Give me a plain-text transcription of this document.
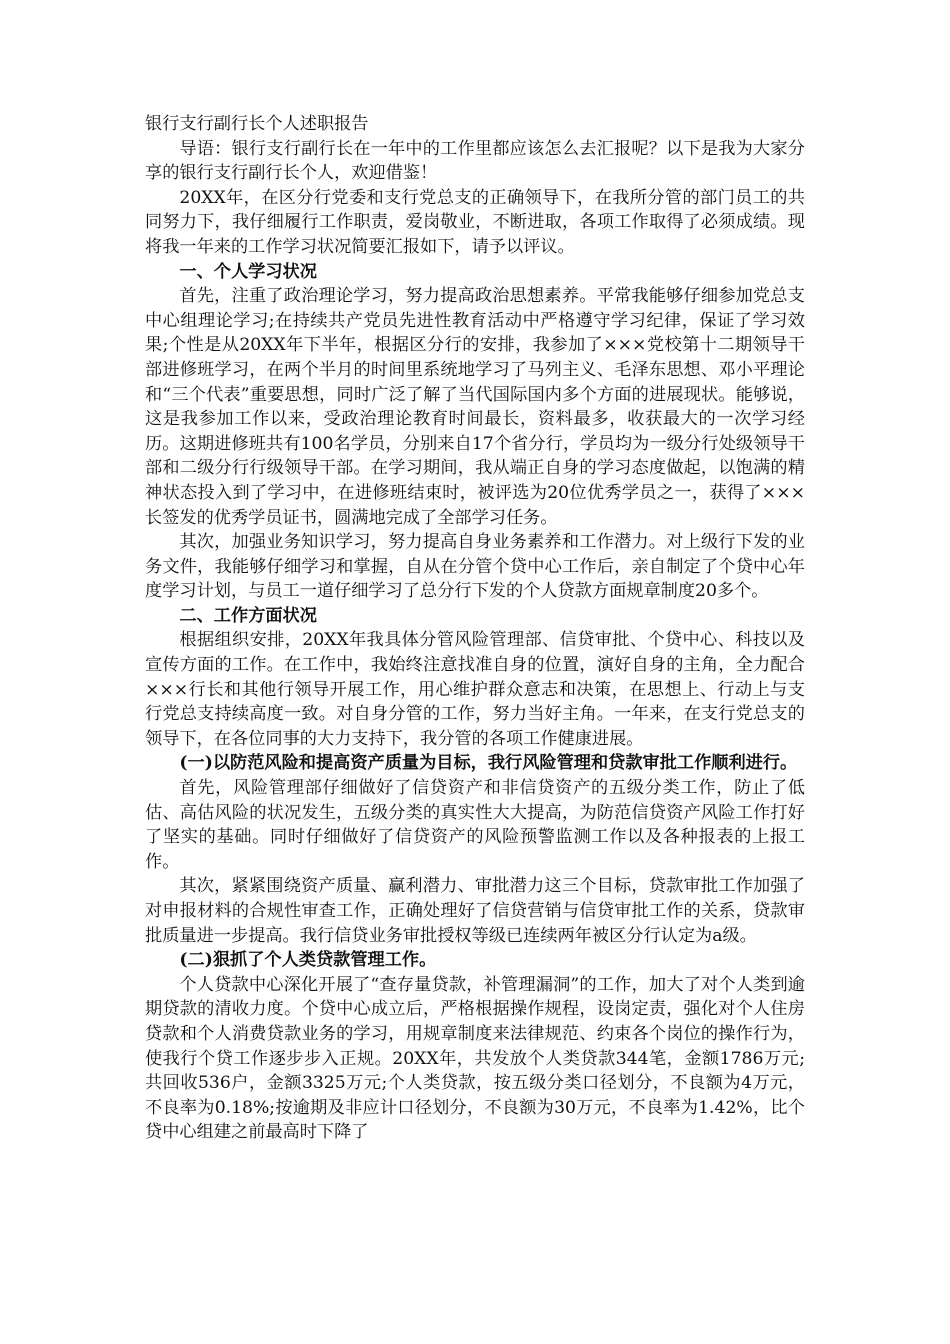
银行支行副行长个人述职报告

导语：银行支行副行长在一年中的工作里都应该怎么去汇报呢？以下是我为大家分享的银行支行副行长个人，欢迎借鉴！

20XX年，在区分行党委和支行党总支的正确领导下，在我所分管的部门员工的共同努力下，我仔细履行工作职责，爱岗敬业，不断进取，各项工作取得了必须成绩。现将我一年来的工作学习状况简要汇报如下，请予以评议。

一、个人学习状况

首先，注重了政治理论学习，努力提高政治思想素养。平常我能够仔细参加党总支中心组理论学习;在持续共产党员先进性教育活动中严格遵守学习纪律，保证了学习效果;个性是从20XX年下半年，根据区分行的安排，我参加了×××党校第十二期领导干部进修班学习，在两个半月的时间里系统地学习了马列主义、毛泽东思想、邓小平理论和“三个代表”重要思想，同时广泛了解了当代国际国内多个方面的进展现状。能够说，这是我参加工作以来，受政治理论教育时间最长，资料最多，收获最大的一次学习经历。这期进修班共有100名学员，分别来自17个省分行，学员均为一级分行处级领导干部和二级分行行级领导干部。在学习期间，我从端正自身的学习态度做起，以饱满的精神状态投入到了学习中，在进修班结束时，被评选为20位优秀学员之一，获得了×××长签发的优秀学员证书，圆满地完成了全部学习任务。

其次，加强业务知识学习，努力提高自身业务素养和工作潜力。对上级行下发的业务文件，我能够仔细学习和掌握，自从在分管个贷中心工作后，亲自制定了个贷中心年度学习计划，与员工一道仔细学习了总分行下发的个人贷款方面规章制度20多个。

二、工作方面状况

根据组织安排，20XX年我具体分管风险管理部、信贷审批、个贷中心、科技以及宣传方面的工作。在工作中，我始终注意找准自身的位置，演好自身的主角，全力配合×××行长和其他行领导开展工作，用心维护群众意志和决策，在思想上、行动上与支行党总支持续高度一致。对自身分管的工作，努力当好主角。一年来，在支行党总支的领导下，在各位同事的大力支持下，我分管的各项工作健康进展。

(一)以防范风险和提高资产质量为目标，我行风险管理和贷款审批工作顺利进行。

首先，风险管理部仔细做好了信贷资产和非信贷资产的五级分类工作，防止了低估、高估风险的状况发生，五级分类的真实性大大提高，为防范信贷资产风险工作打好了坚实的基础。同时仔细做好了信贷资产的风险预警监测工作以及各种报表的上报工作。

其次，紧紧围绕资产质量、赢利潜力、审批潜力这三个目标，贷款审批工作加强了对申报材料的合规性审查工作，正确处理好了信贷营销与信贷审批工作的关系，贷款审批质量进一步提高。我行信贷业务审批授权等级已连续两年被区分行认定为a级。

(二)狠抓了个人类贷款管理工作。

个人贷款中心深化开展了“查存量贷款，补管理漏洞”的工作，加大了对个人类到逾期贷款的清收力度。个贷中心成立后，严格根据操作规程，设岗定责，强化对个人住房贷款和个人消费贷款业务的学习，用规章制度来法律规范、约束各个岗位的操作行为，使我行个贷工作逐步步入正规。20XX年，共发放个人类贷款344笔，金额1786万元;共回收536户，金额3325万元;个人类贷款，按五级分类口径划分，不良额为4万元，不良率为0.18%;按逾期及非应计口径划分，不良额为30万元，不良率为1.42%，比个贷中心组建之前最高时下降了
